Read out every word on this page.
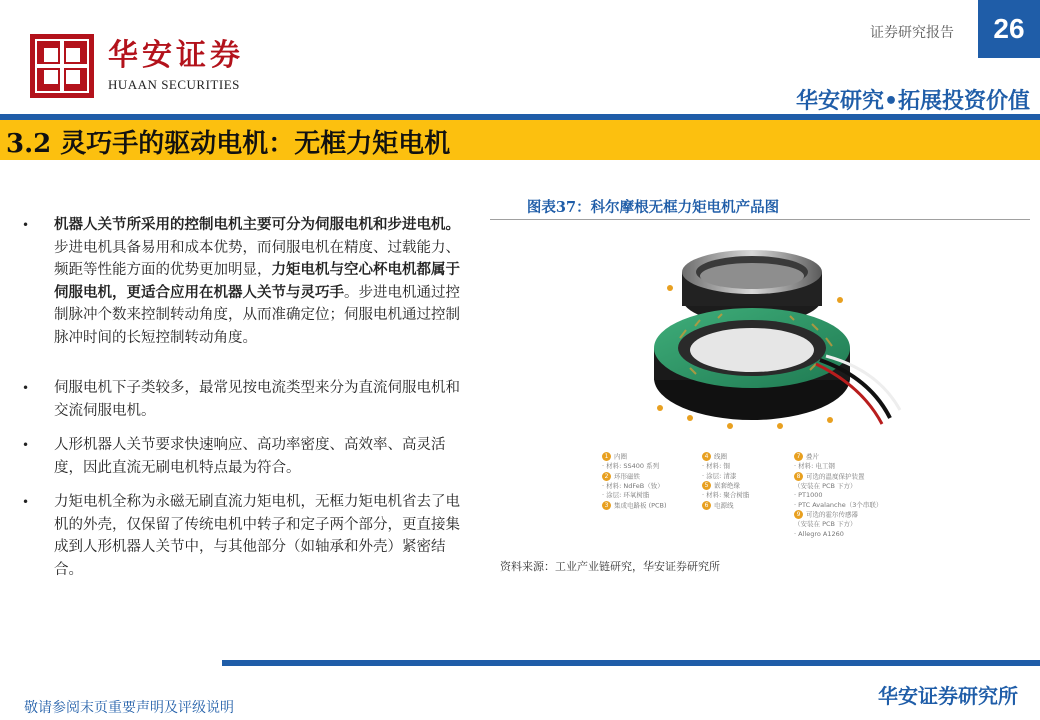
华安证券
HUAAN SECURITIES
证券研究报告	26
华安研究•拓展投资价值
3.2 灵巧手的驱动电机：无框力矩电机
• 机器人关节所采用的控制电机主要可分为伺服电机和步进电机。步进电机具备易用和成本优势，而伺服电机在精度、过载能力、频距等性能方面的优势更加明显，力矩电机与空心杯电机都属于伺服电机，更适合应用在机器人关节与灵巧手。步进电机通过控制脉冲个数来控制转动角度，从而准确定位；伺服电机通过控制脉冲时间的长短控制转动角度。
• 伺服电机下子类较多，最常见按电流类型来分为直流伺服电机和交流伺服电机。
• 人形机器人关节要求快速响应、高功率密度、高效率、高灵活度，因此直流无刷电机特点最为符合。
• 力矩电机全称为永磁无刷直流力矩电机，无框力矩电机省去了电机的外壳，仅保留了传统电机中转子和定子两个部分，更直接集成到人形机器人关节中，与其他部分（如轴承和外壳）紧密结合。
图表37：科尔摩根无框力矩电机产品图
1 内圈
· 材料: SS400 系列
2 环形磁铁
· 材料: NdFeB（钕）
· 涂层: 环氧树脂
3 集成电路板 (PCB)
4 线圈
· 材料: 铜
· 涂层: 清漆
5 嵌套绝缘
· 材料: 聚合树脂
6 电源线
7 叠片
· 材料: 电工钢
8 可选的温度保护装置
（安装在 PCB 下方）
· PT1000
· PTC Avalanche（3个串联）
9 可选的霍尔传感器
（安装在 PCB 下方）
· Allegro A1260
资料来源：工业产业链研究，华安证券研究所
敬请参阅末页重要声明及评级说明	华安证券研究所
